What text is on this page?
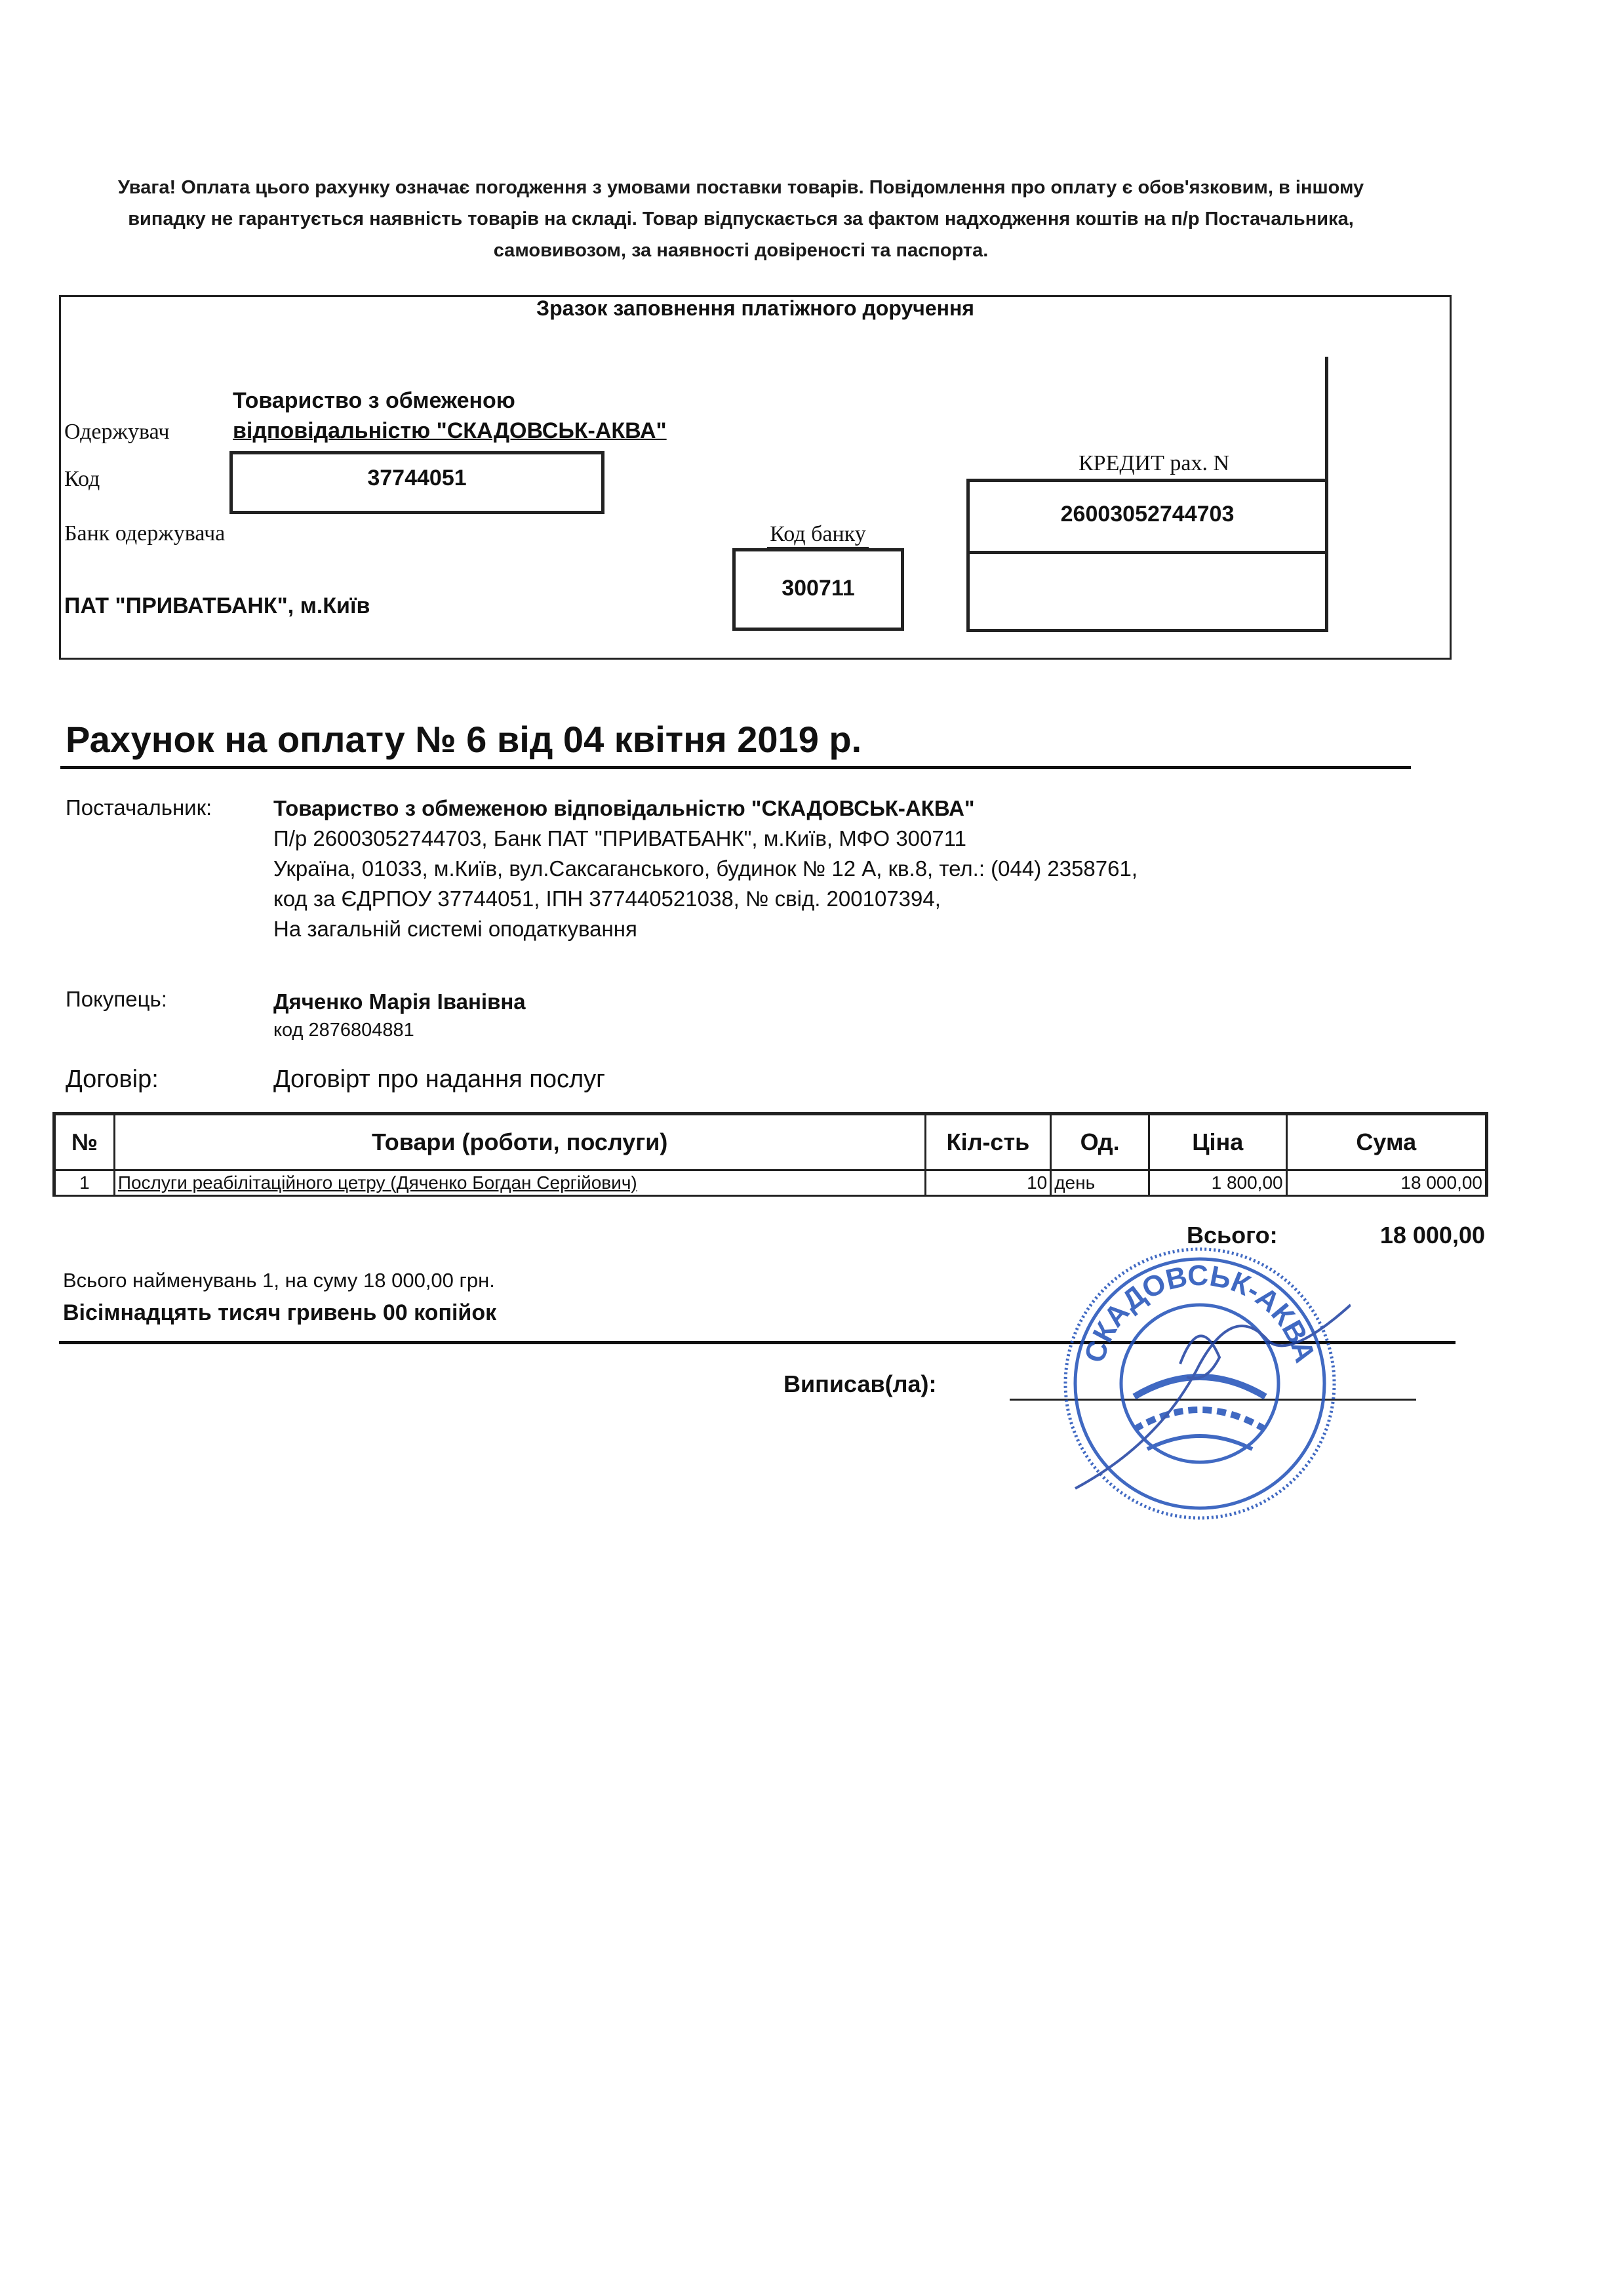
Увага! Оплата цього рахунку означає погодження з умовами поставки товарів. Повідомлення про оплату є обов'язковим, в іншому
випадку не гарантується наявність товарів на складі. Товар відпускається за фактом надходження коштів на п/р Постачальника,
самовивозом, за наявності довіреності та паспорта.
Зразок заповнення платіжного доручення
Товариство з обмеженою
відповідальністю "СКАДОВСЬК-АКВА"
Одержувач
Код	37744051
Банк одержувача
ПАТ "ПРИВАТБАНК", м.Київ
Код банку
300711
КРЕДИТ рах. N
26003052744703
Рахунок на оплату № 6 від 04 квітня 2019 р.
Постачальник:	Товариство з обмеженою відповідальністю "СКАДОВСЬК-АКВА"
П/р 26003052744703, Банк ПАТ "ПРИВАТБАНК", м.Київ, МФО 300711
Україна, 01033, м.Київ, вул.Саксаганського, будинок № 12 А, кв.8, тел.: (044) 2358761,
код за ЄДРПОУ 37744051, ІПН 377440521038, № свід. 200107394,
На загальній системі оподаткування
Покупець:	Дяченко Марія Іванівна
код 2876804881
Договір:	Договірт про надання послуг
№	Товари (роботи, послуги)	Кіл-сть	Од.	Ціна	Сума
1	Послуги реабілітаційного цетру (Дяченко Богдан Сергійович)	10	день	1 800,00	18 000,00
Всього:	18 000,00
Всього найменувань 1, на суму 18 000,00 грн.
Вісімнадцять тисяч гривень 00 копійок
Виписав(ла):
СКАДОВСЬК-АКВА
